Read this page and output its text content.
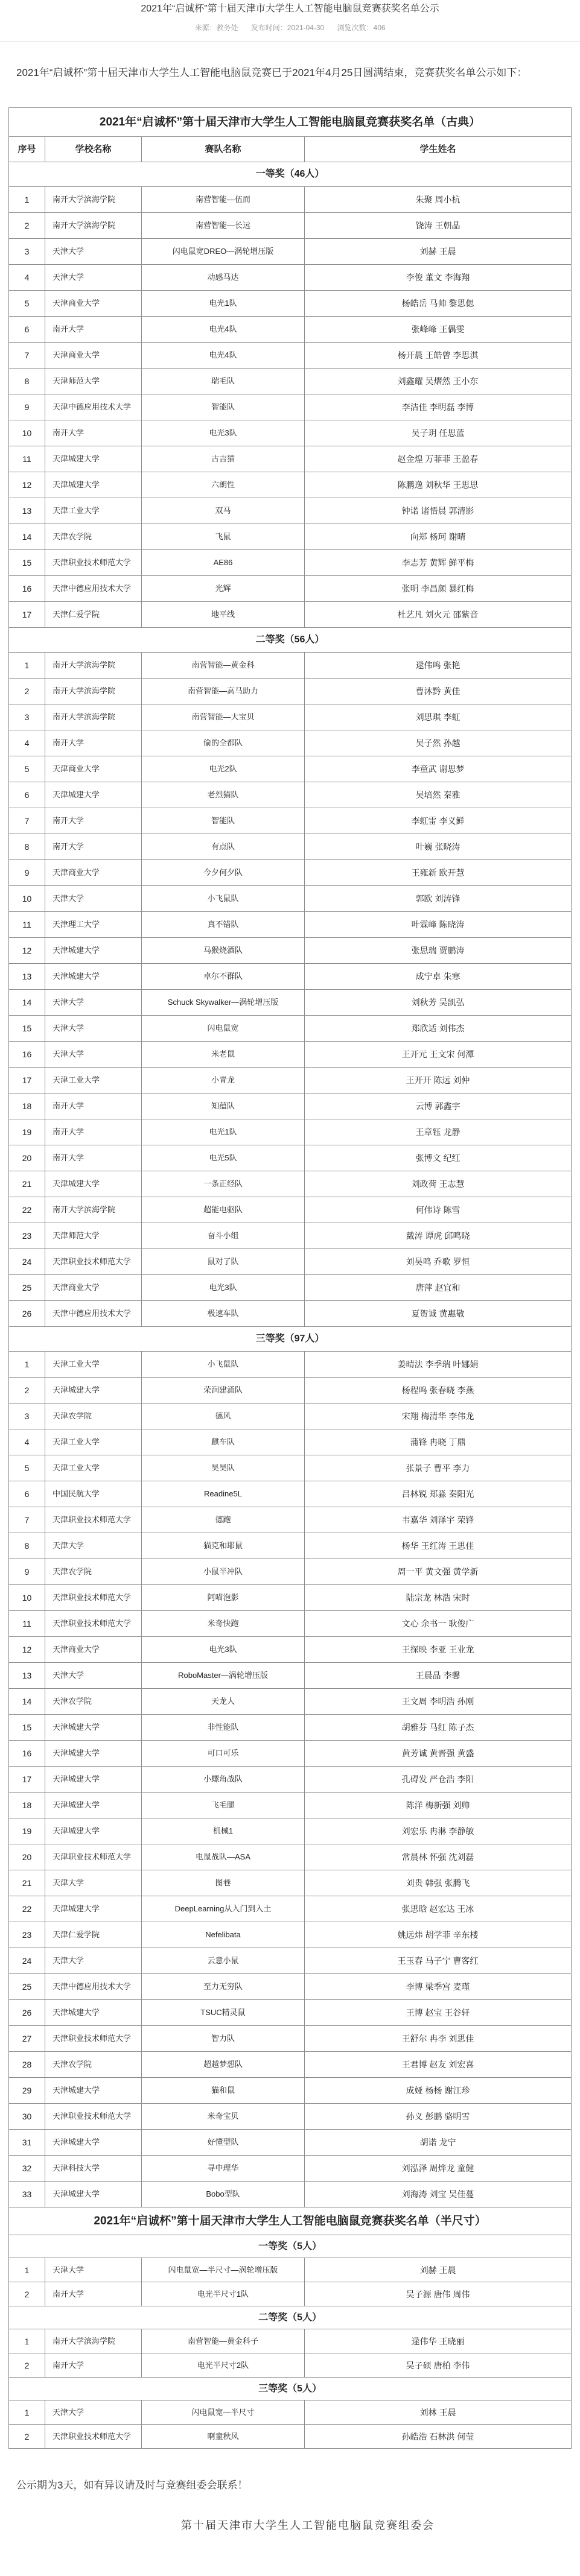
2021年“启诚杯”第十届天津市大学生人工智能电脑鼠竞赛获奖名单公示
来源：教务处 发布时间：2021-04-30 浏览次数：406
2021年“启诚杯”第十届天津市大学生人工智能电脑鼠竞赛已于2021年4月25日圆满结束，竞赛获奖名单公示如下：
2021年“启诚杯”第十届天津市大学生人工智能电脑鼠竞赛获奖名单（古典）			
序号	学校名称	赛队名称	学生姓名
一等奖（46人）			
1	南开大学滨海学院	南营智能—伍而	朱聚 周小杭
2	南开大学滨海学院	南营智能—长远	饶涛 王朝晶
3	天津大学	闪电鼠宽DREO—涡轮增压版	刘赫 王晨
4	天津大学	动感马达	李俊 董文 李海翔
5	天津商业大学	电光1队	杨皓岳 马帅 黎思偲
6	南开大学	电光4队	张峰峰 王偶雯
7	天津商业大学	电光4队	杨开晨 王皓曾 李思淇
8	天津师范大学	瑞毛队	刘鑫耀 吴熠然 王小东
9	天津中德应用技术大学	智能队	李洁佳 李明磊 李博
10	南开大学	电光3队	吴子玥 任思蓝
11	天津城建大学	古吉猫	赵金煌 万菲菲 王盈春
12	天津城建大学	六朗性	陈鹏逸 刘秋华 王思思
13	天津工业大学	双马	钟诺 诸悟晨 郭清影
14	天津农学院	飞鼠	向郑 杨珂 谢晴
15	天津职业技术师范大学	AE86	李志芳 黄辉 鲜平梅
16	天津中德应用技术大学	光辉	张明 李昌颜 暴红梅
17	天津仁爱学院	地平线	杜艺凡 刘火元 邵紫音
二等奖（56人）			
1	南开大学滨海学院	南营智能—黄金科	逯伟鸣 张艳
2	南开大学滨海学院	南营智能—高马助力	曹沐黔 黄佳
3	南开大学滨海学院	南营智能—大宝贝	刘思琪 李虹
4	南开大学	偷的全都队	吴子然 孙越
5	天津商业大学	电光2队	李童武 谢思梦
6	天津城建大学	老烈猫队	吴培然 秦雅
7	南开大学	智能队	李虹雷 李义鲜
8	南开大学	有点队	叶巍 张晓涛
9	天津商业大学	今夕何夕队	王雍新 欧开慧
10	天津大学	小飞鼠队	郭欧 刘涛锋
11	天津理工大学	真不错队	叶霖峰 陈晓涛
12	天津城建大学	马猴烧酒队	张思瑞 贾鹏涛
13	天津城建大学	卓尔不群队	成宁卓 朱寒
14	天津大学	Schuck Skywalker—涡轮增压版	刘秋芳 吴凯弘
15	天津大学	闪电鼠宽	郑欣适 刘伟杰
16	天津大学	米老鼠	王开元 王文宋 何潭
17	天津工业大学	小青龙	王开开 陈远 刘仲
18	南开大学	知蕴队	云博 郭鑫宇
19	南开大学	电光1队	王章钰 龙静
20	南开大学	电光5队	张博文 纪红
21	天津城建大学	一条正经队	刘政荷 王志慧
22	南开大学滨海学院	超能电驱队	何伟诗 陈雪
23	天津师范大学	奋斗小组	戴涛 谭虎 邱鸣晓
24	天津职业技术师范大学	鼠对了队	刘昊鸣 乔歌 罗恒
25	天津商业大学	电光3队	唐萍 赵宜和
26	天津中德应用技术大学	极速车队	夏贺诚 黄惠敬
三等奖（97人）			
1	天津工业大学	小飞鼠队	姜晴法 李季瑞 叶娜娟
2	天津城建大学	荣润建涌队	杨程鸣 张春晓 李燕
3	天津农学院	德风	宋翔 梅清华 李伟龙
4	天津工业大学	麒车队	蒲锋 冉晓 丁鼎
5	天津工业大学	昊昊队	张景子 曹平 李力
6	中国民航大学	Readine5L	吕林锐 郑淼 秦阳光
7	天津职业技术师范大学	德跑	韦嘉华 刘泽宇 荣锋
8	天津大学	猫克和耶鼠	杨华 王红涛 王思佳
9	天津农学院	小鼠半冲队	周一平 黄文强 黄学新
10	天津职业技术师范大学	阿喵泡影	陆宗龙 林浩 宋时
11	天津职业技术师范大学	米奇快跑	文心 余书一 耿俊广
12	天津商业大学	电光3队	王探映 李亚 王业龙
13	天津大学	RoboMaster—涡轮增压版	王晨晶 李馨
14	天津农学院	天龙人	王文周 李明浩 孙刚
15	天津城建大学	非性能队	胡雅芬 马红 陈子杰
16	天津城建大学	可口可乐	黄芳诚 黄晋强 黄盛
17	天津城建大学	小螺角战队	孔碍发 严仓浩 李阳
18	天津城建大学	飞毛腿	陈洋 梅新强 刘帅
19	天津城建大学	机械1	刘宏乐 冉淋 李静敏
20	天津职业技术师范大学	电鼠战队—ASA	常晨林 怀强 沈刘磊
21	天津大学	图巷	刘贵 韩强 张腾飞
22	天津城建大学	DeepLearning从入门到入土	张思晗 赵宏达 王冰
23	天津仁爱学院	Nefelibata	姚远炜 胡学菲 辛东楼
24	天津大学	云意小鼠	王玉春 马子宁 曹客红
25	天津中德应用技术大学	至力无穷队	李博 梁季宫 麦瑾
26	天津城建大学	TSUC精灵鼠	王博 赵宝 王谷轩
27	天津职业技术师范大学	智力队	王舒尔 冉李 刘思佳
28	天津农学院	超越梦想队	王君博 赵友 刘宏喜
29	天津城建大学	猫和鼠	成娅 杨杨 谢江珍
30	天津职业技术师范大学	米奇宝贝	孙义 彭鹏 骆明雪
31	天津城建大学	好懂型队	胡诺 龙宁
32	天津科技大学	寻中理华	刘泓泽 周烨龙 童健
33	天津城建大学	Bobo型队	刘海涛 刘宝 吴佳蔓
2021年“启诚杯”第十届天津市大学生人工智能电脑鼠竞赛获奖名单（半尺寸）			
一等奖（5人）			
1	天津大学	闪电鼠宽—半尺寸—涡轮增压版	刘赫 王晨
2	南开大学	电光半尺寸1队	吴子源 唐伟 周伟
二等奖（5人）			
1	南开大学滨海学院	南营智能—黄金科子	逯伟华 王晓丽
2	南开大学	电光半尺寸2队	吴子硕 唐柏 李伟
三等奖（5人）			
1	天津大学	闪电鼠宽—半尺寸	刘林 王晨
2	天津职业技术师范大学	啊童秋风	孙皓浩 石林洪 何莹
公示期为3天，如有异议请及时与竞赛组委会联系！
第十届天津市大学生人工智能电脑鼠竞赛组委会
